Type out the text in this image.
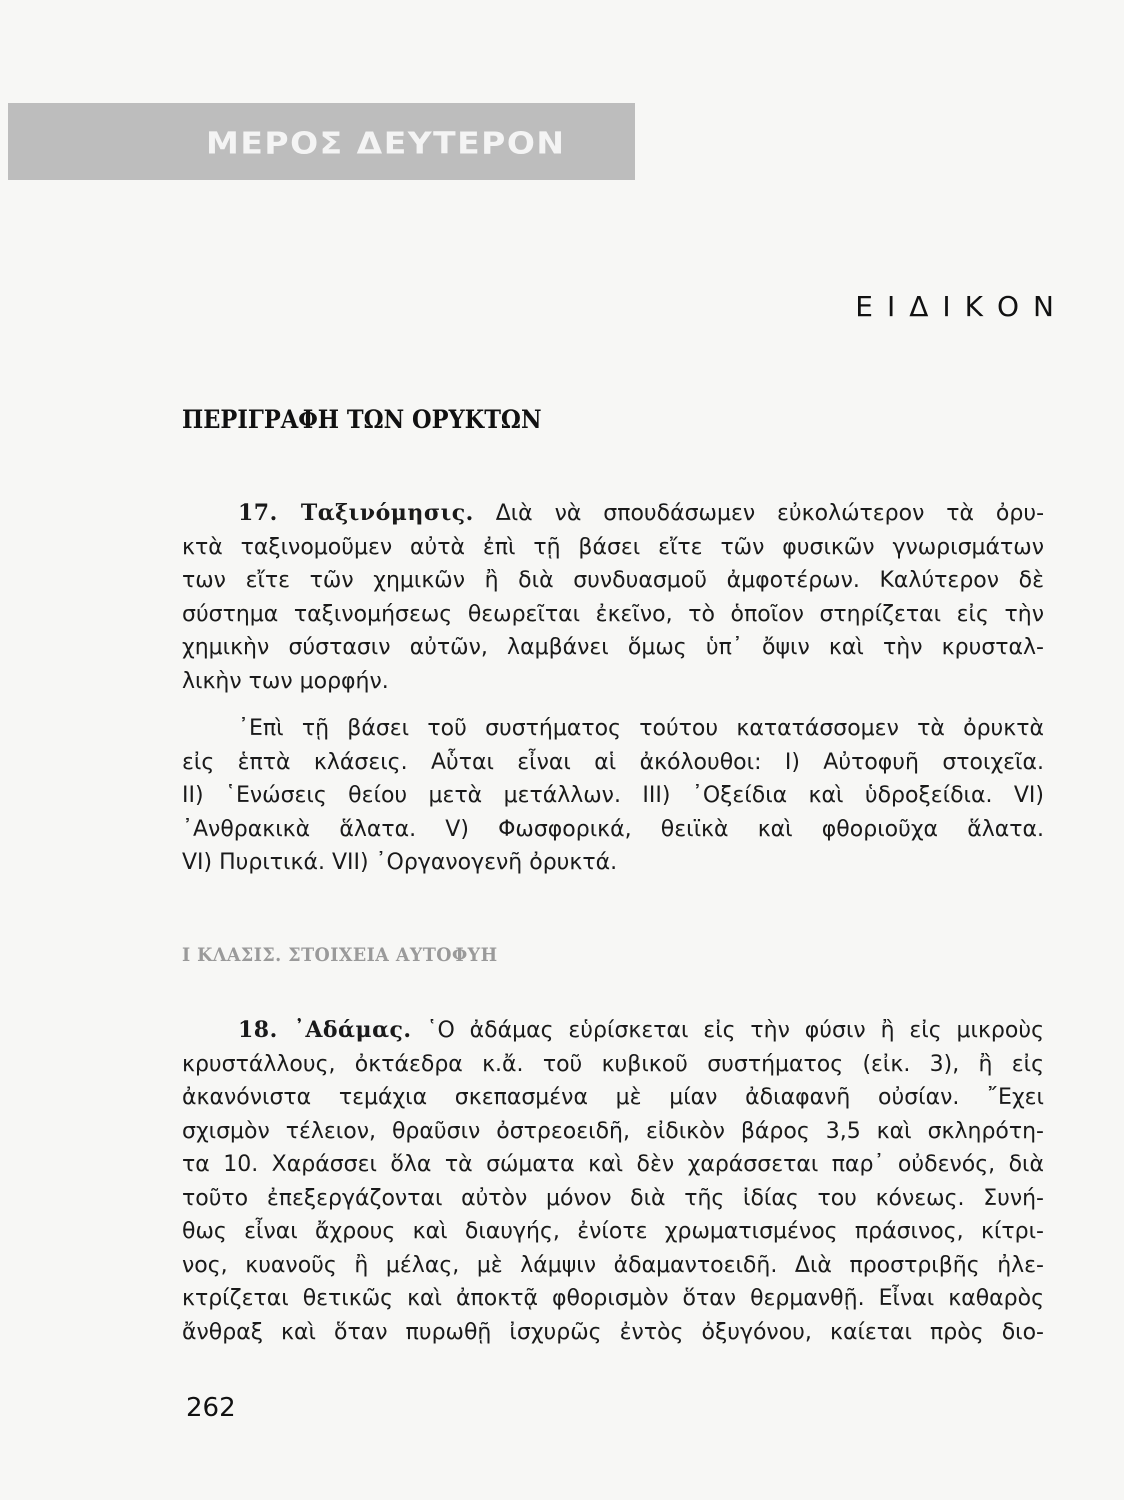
ΜΕΡΟΣ ΔΕΥΤΕΡΟΝ
ΕΙΔΙΚΟΝ
ΠΕΡΙΓΡΑΦΗ ΤΩΝ ΟΡΥΚΤΩΝ
17. Ταξινόμησις. Διὰ νὰ σπουδάσωμεν εὐκολώτερον τὰ ὀρυ-
κτὰ ταξινομοῦμεν αὐτὰ ἐπὶ τῇ βάσει εἴτε τῶν φυσικῶν γνωρισμάτων
των εἴτε τῶν χημικῶν ἢ διὰ συνδυασμοῦ ἀμφοτέρων. Καλύτερον δὲ
σύστημα ταξινομήσεως θεωρεῖται ἐκεῖνο, τὸ ὁποῖον στηρίζεται εἰς τὴν
χημικὴν σύστασιν αὐτῶν, λαμβάνει ὅμως ὑπ᾽ ὄψιν καὶ τὴν κρυσταλ-
λικὴν των μορφήν.
᾽Επὶ τῇ βάσει τοῦ συστήματος τούτου κατατάσσομεν τὰ ὀρυκτὰ
εἰς ἑπτὰ κλάσεις. Αὗται εἶναι αἱ ἀκόλουθοι: I) Αὐτοφυῆ στοιχεῖα.
II) ῾Ενώσεις θείου μετὰ μετάλλων. III) ᾽Οξείδια καὶ ὑδροξείδια. VI)
᾽Ανθρακικὰ ἅλατα. V) Φωσφορικά, θειϊκὰ καὶ φθοριοῦχα ἅλατα.
VI) Πυριτικά. VII) ᾽Οργανογενῆ ὀρυκτά.
I ΚΛΑΣΙΣ. ΣΤΟΙΧΕΙΑ ΑΥΤΟΦΥΗ
18. ᾽Αδάμας. ῾Ο ἀδάμας εὑρίσκεται εἰς τὴν φύσιν ἢ εἰς μικροὺς
κρυστάλλους, ὀκτάεδρα κ.ἄ. τοῦ κυβικοῦ συστήματος (εἰκ. 3), ἢ εἰς
ἀκανόνιστα τεμάχια σκεπασμένα μὲ μίαν ἀδιαφανῆ οὐσίαν. ῎Εχει
σχισμὸν τέλειον, θραῦσιν ὀστρεοειδῆ, εἰδικὸν βάρος 3,5 καὶ σκληρότη-
τα 10. Χαράσσει ὅλα τὰ σώματα καὶ δὲν χαράσσεται παρ᾽ οὐδενός, διὰ
τοῦτο ἐπεξεργάζονται αὐτὸν μόνον διὰ τῆς ἰδίας του κόνεως. Συνή-
θως εἶναι ἄχρους καὶ διαυγής, ἐνίοτε χρωματισμένος πράσινος, κίτρι-
νος, κυανοῦς ἢ μέλας, μὲ λάμψιν ἀδαμαντοειδῆ. Διὰ προστριβῆς ἠλε-
κτρίζεται θετικῶς καὶ ἀποκτᾷ φθορισμὸν ὅταν θερμανθῇ. Εἶναι καθαρὸς
ἄνθραξ καὶ ὅταν πυρωθῇ ἰσχυρῶς ἐντὸς ὀξυγόνου, καίεται πρὸς διο-
262
